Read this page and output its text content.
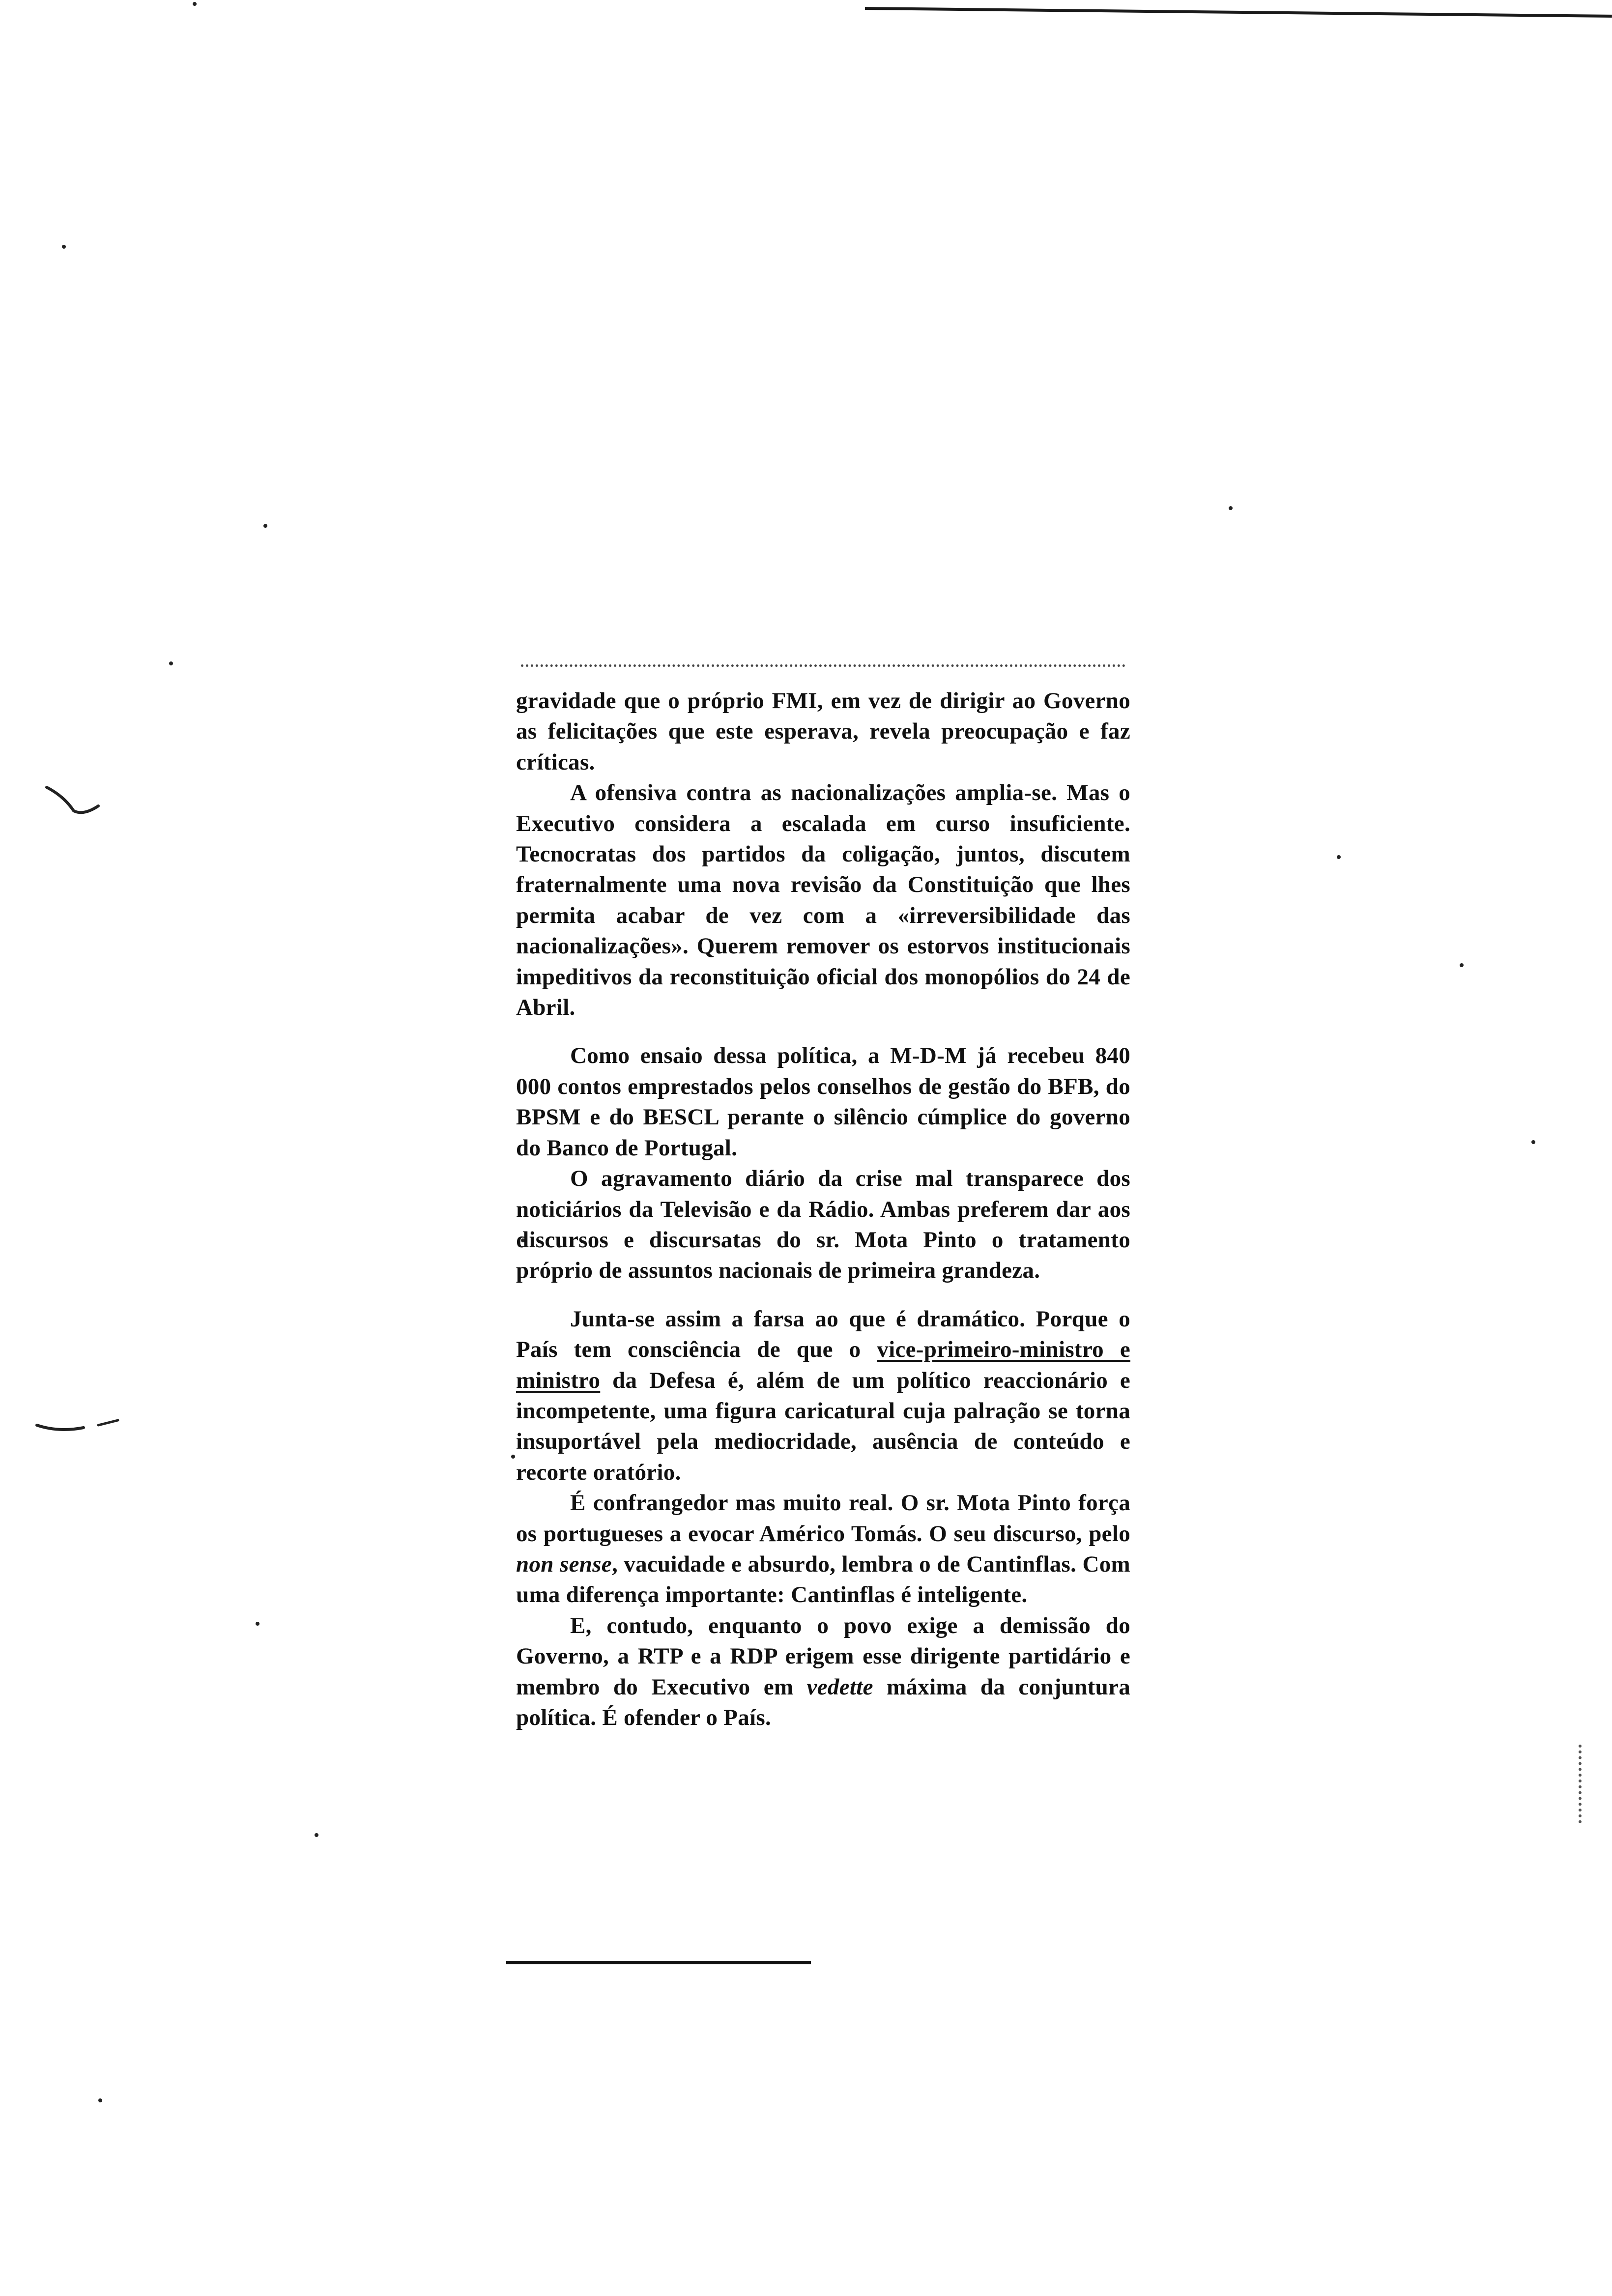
gravidade que o próprio FMI, em vez de dirigir ao Governo as felicitações que este esperava, revela preocupação e faz críticas.

A ofensiva contra as nacionalizações amplia-se. Mas o Executivo considera a escalada em curso insuficiente. Tecnocratas dos partidos da coligação, juntos, discutem fraternalmente uma nova revisão da Constituição que lhes permita acabar de vez com a «irreversibilidade das nacionalizações». Querem remover os estorvos institucionais impeditivos da reconstituição oficial dos monopólios do 24 de Abril.

Como ensaio dessa política, a M-D-M já recebeu 840 000 contos emprestados pelos conselhos de gestão do BFB, do BPSM e do BESCL perante o silêncio cúmplice do governo do Banco de Portugal.

O agravamento diário da crise mal transparece dos noticiários da Televisão e da Rádio. Ambas preferem dar aos discursos e discursatas do sr. Mota Pinto o tratamento próprio de assuntos nacionais de primeira grandeza.

Junta-se assim a farsa ao que é dramático. Porque o País tem consciência de que o vice-primeiro-ministro e ministro da Defesa é, além de um político reaccionário e incompetente, uma figura caricatural cuja palração se torna insuportável pela mediocridade, ausência de conteúdo e recorte oratório.

É confrangedor mas muito real. O sr. Mota Pinto força os portugueses a evocar Américo Tomás. O seu discurso, pelo non sense, vacuidade e absurdo, lembra o de Cantinflas. Com uma diferença importante: Cantinflas é inteligente.

E, contudo, enquanto o povo exige a demissão do Governo, a RTP e a RDP erigem esse dirigente partidário e membro do Executivo em vedette máxima da conjuntura política. É ofender o País.
